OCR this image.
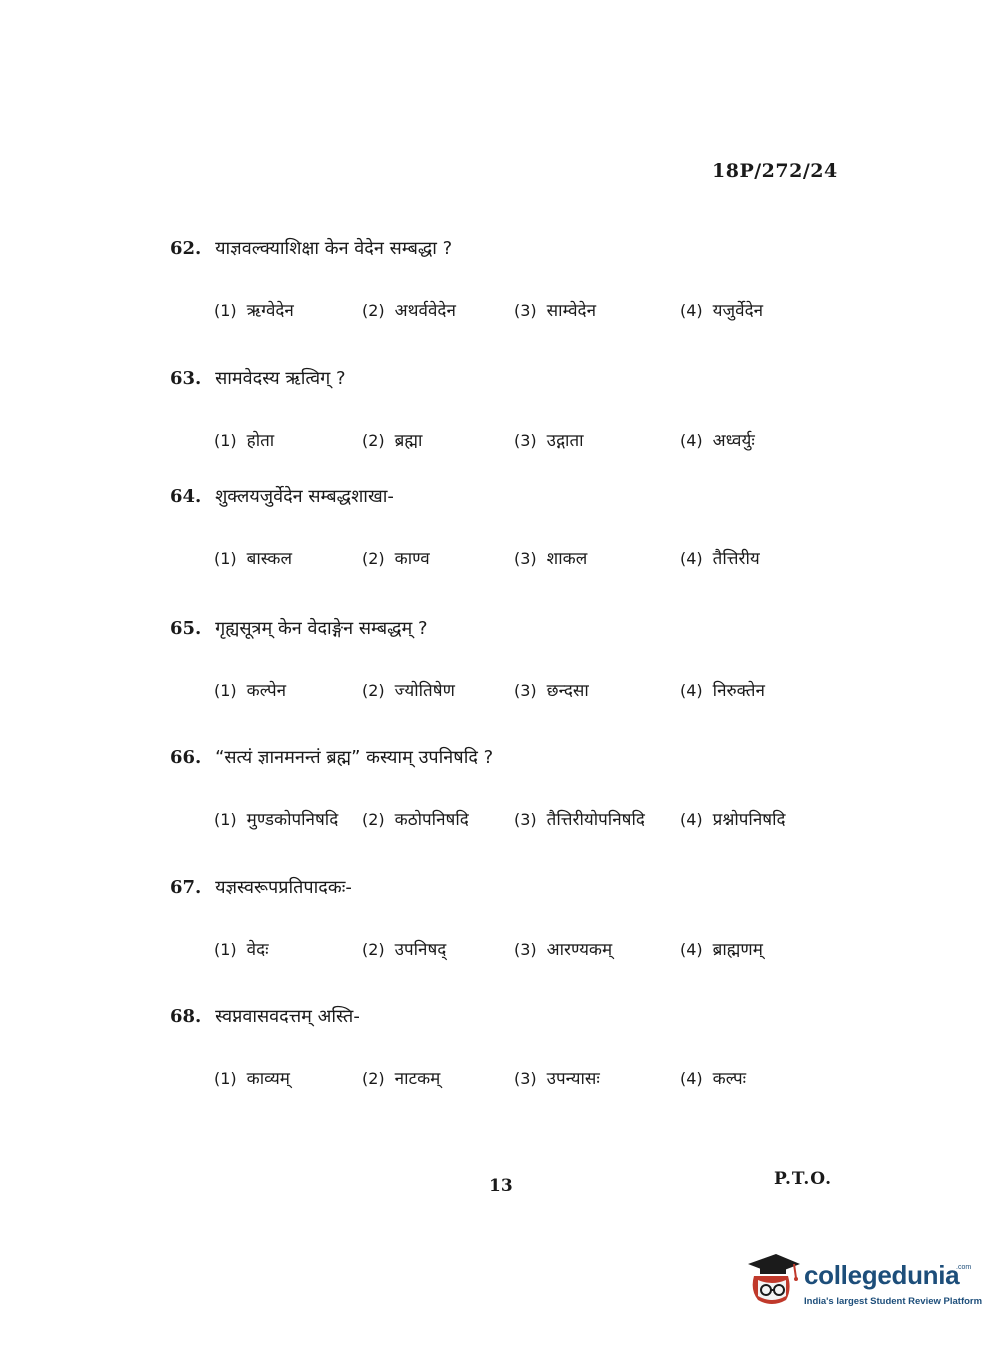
18P/272/24
62. याज्ञवल्क्याशिक्षा केन वेदेन सम्बद्धा ?
(1) ऋग्वेदेन	(2) अथर्ववेदेन	(3) साम्वेदेन	(4) यजुर्वेदेन
63. सामवेदस्य ऋत्विग् ?
(1) होता	(2) ब्रह्मा	(3) उद्गाता	(4) अध्वर्युः
64. शुक्लयजुर्वेदेन सम्बद्धशाखा-
(1) बास्कल	(2) काण्व	(3) शाकल	(4) तैत्तिरीय
65. गृह्यसूत्रम् केन वेदाङ्गेन सम्बद्धम् ?
(1) कल्पेन	(2) ज्योतिषेण	(3) छन्दसा	(4) निरुक्तेन
66. “सत्यं ज्ञानमनन्तं ब्रह्म” कस्याम् उपनिषदि ?
(1) मुण्डकोपनिषदि (2) कठोपनिषदि	(3) तैत्तिरीयोपनिषदि (4) प्रश्नोपनिषदि
67. यज्ञस्वरूपप्रतिपादकः-
(1) वेदः	(2) उपनिषद्	(3) आरण्यकम्	(4) ब्राह्मणम्
68. स्वप्नवासवदत्तम् अस्ति-
(1) काव्यम्	(2) नाटकम्	(3) उपन्यासः	(4) कल्पः
13	P.T.O.
collegedunia
.com
India's largest Student Review Platform
